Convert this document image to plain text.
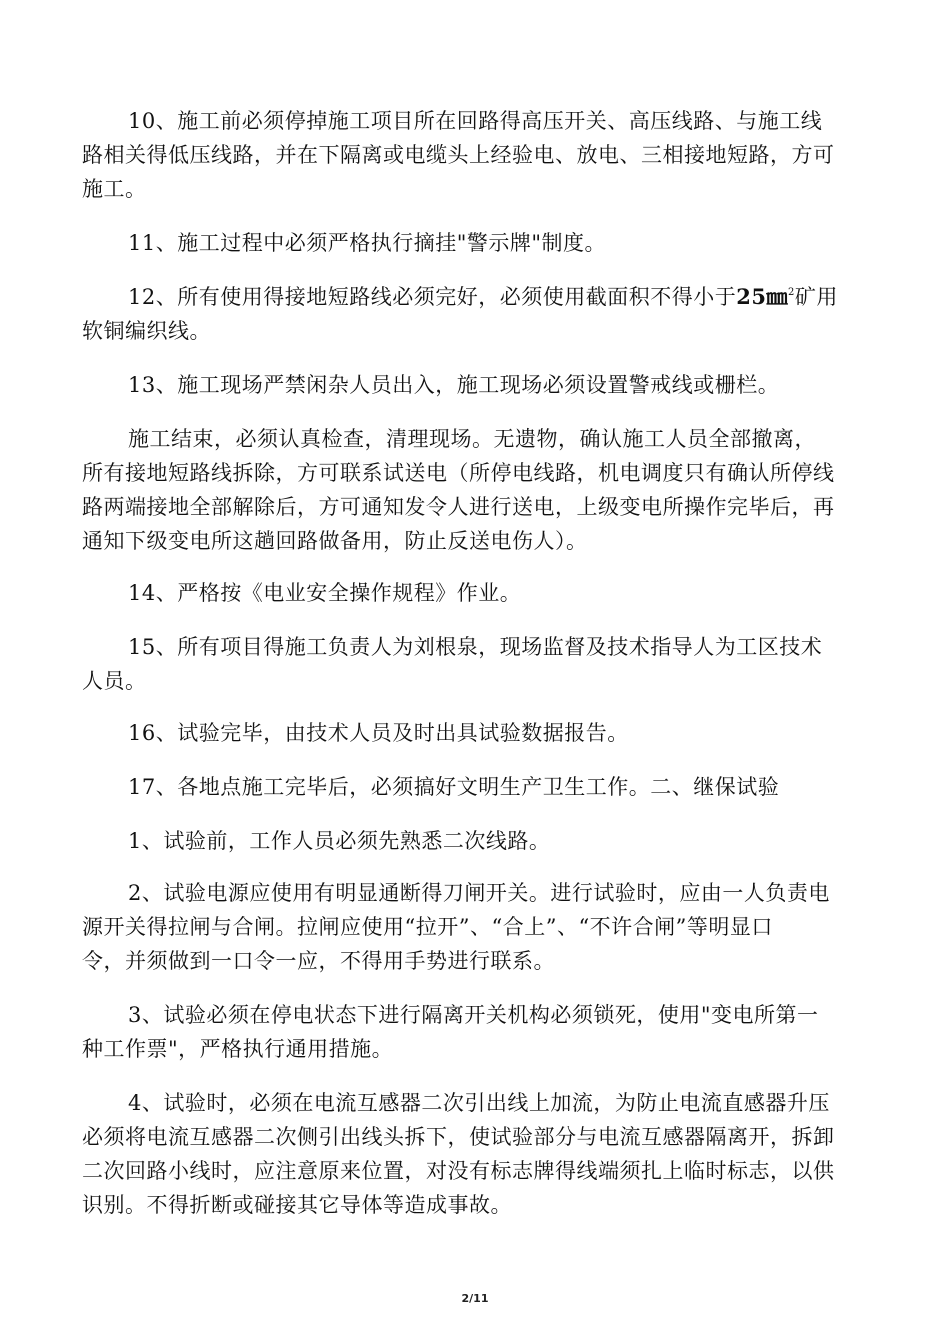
10、施工前必须停掉施工项目所在回路得高压开关、高压线路、与施工线
路相关得低压线路，并在下隔离或电缆头上经验电、放电、三相接地短路，方可
施工。
11、施工过程中必须严格执行摘挂"警示牌"制度。
12、所有使用得接地短路线必须完好，必须使用截面积不得小于25㎜$^2$矿用
软铜编织线。
13、施工现场严禁闲杂人员出入，施工现场必须设置警戒线或栅栏。
施工结束，必须认真检查，清理现场。无遗物，确认施工人员全部撤离，
所有接地短路线拆除，方可联系试送电（所停电线路，机电调度只有确认所停线
路两端接地全部解除后，方可通知发令人进行送电，上级变电所操作完毕后，再
通知下级变电所这趟回路做备用，防止反送电伤人）。
14、严格按《电业安全操作规程》作业。
15、所有项目得施工负责人为刘根泉，现场监督及技术指导人为工区技术
人员。
16、试验完毕，由技术人员及时出具试验数据报告。
17、各地点施工完毕后，必须搞好文明生产卫生工作。二、继保试验
1、试验前，工作人员必须先熟悉二次线路。
2、试验电源应使用有明显通断得刀闸开关。进行试验时，应由一人负责电
源开关得拉闸与合闸。拉闸应使用“拉开”、“合上”、“不许合闸”等明显口
令，并须做到一口令一应，不得用手势进行联系。
3、试验必须在停电状态下进行隔离开关机构必须锁死，使用"变电所第一
种工作票"，严格执行通用措施。
4、试验时，必须在电流互感器二次引出线上加流，为防止电流直感器升压
必须将电流互感器二次侧引出线头拆下，使试验部分与电流互感器隔离开，拆卸
二次回路小线时，应注意原来位置，对没有标志牌得线端须扎上临时标志，以供
识别。不得折断或碰接其它导体等造成事故。
2/11
